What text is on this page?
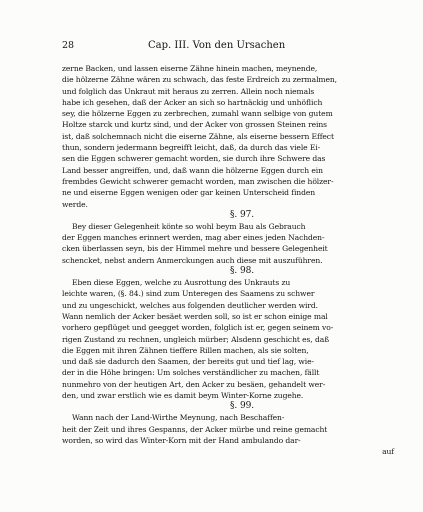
28	Cap. III. Von den Ursachen
zerne Backen, und lassen eiserne Zähne hinein machen, meynende,
die hölzerne Zähne wären zu schwach, das feste Erdreich zu zermalmen,
und folglich das Unkraut mit heraus zu zerren. Allein noch niemals
habe ich gesehen, daß der Acker an sich so hartnäckig und unhöflich
sey, die hölzerne Eggen zu zerbrechen, zumahl wann selbige von gutem
Holtze starck und kurtz sind, und der Acker von grossen Steinen reins
ist, daß solchemnach nicht die eiserne Zähne, als eiserne bessern Effect
thun, sondern jedermann begreifft leicht, daß, da durch das viele Ei-
sen die Eggen schwerer gemacht worden, sie durch ihre Schwere das
Land besser angreiffen, und, daß wann die hölzerne Eggen durch ein
frembdes Gewicht schwerer gemacht worden, man zwischen die hölzer-
ne und eiserne Eggen wenigen oder gar keinen Unterscheid finden
werde.
§. 97.
Bey dieser Gelegenheit könte so wohl beym Bau als Gebrauch
der Eggen manches erinnert werden, mag aber eines jeden Nachden-
cken überlassen seyn, bis der Himmel mehre und bessere Gelegenheit
schencket, nebst andern Anmerckungen auch diese mit auszuführen.
§. 98.
Eben diese Eggen, welche zu Ausrottung des Unkrauts zu
leichte waren, (§. 84.) sind zum Unteregen des Saamens zu schwer
und zu ungeschickt, welches aus folgenden deutlicher werden wird.
Wann nemlich der Acker besäet werden soll, so ist er schon einige mal
vorhero gepflüget und geegget worden, folglich ist er, gegen seinem vo-
rigen Zustand zu rechnen, ungleich mürber; Alsdenn geschicht es, daß
die Eggen mit ihren Zähnen tieffere Rillen machen, als sie solten,
und daß sie dadurch den Saamen, der bereits gut und tief lag, wie-
der in die Höhe bringen: Um solches verständlicher zu machen, fällt
nunmehro von der heutigen Art, den Acker zu besäen, gehandelt wer-
den, und zwar erstlich wie es damit beym Winter-Korne zugehe.
§. 99.
Wann nach der Land-Wirthe Meynung, nach Beschaffen-
heit der Zeit und ihres Gespanns, der Acker mürbe und reine gemacht
worden, so wird das Winter-Korn mit der Hand ambulando dar-
auf
